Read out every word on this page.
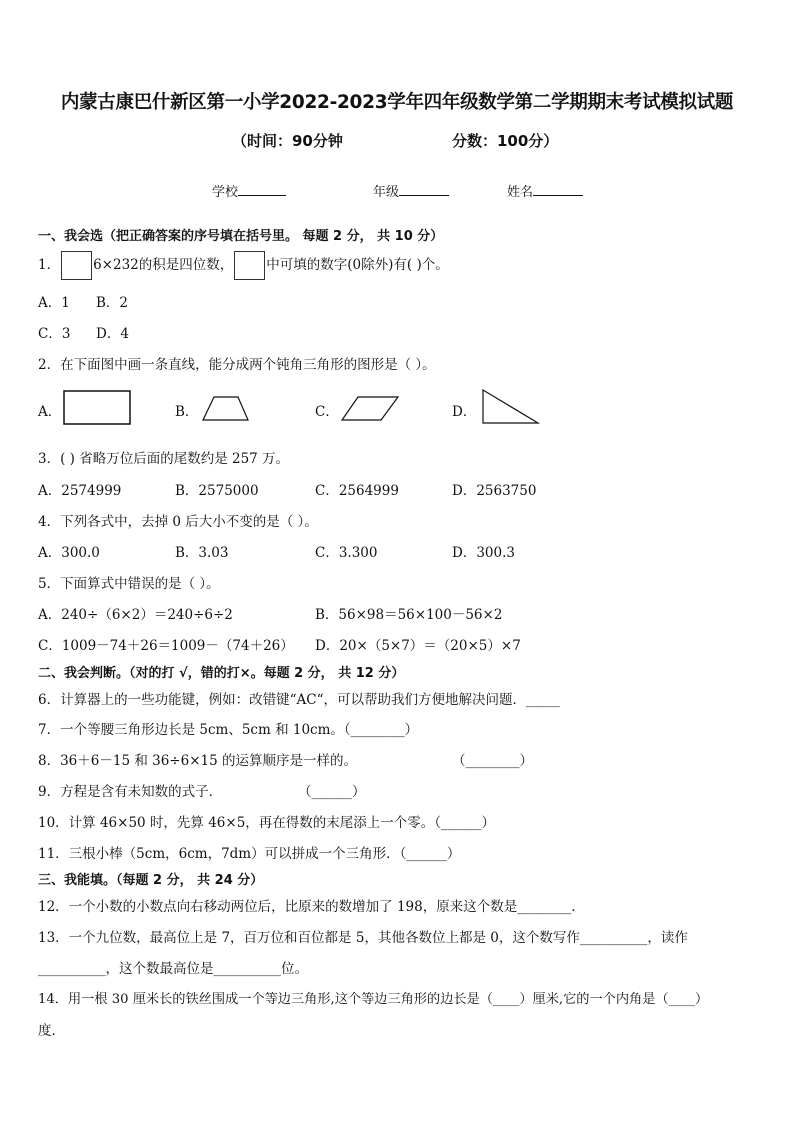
内蒙古康巴什新区第一小学2022-2023学年四年级数学第二学期期末考试模拟试题
（时间：90分钟	分数：100分）
学校	年级	姓名
一、我会选（把正确答案的序号填在括号里。 每题 2 分， 共 10 分）
1． 6×232的积是四位数， 中可填的数字(0除外)有( )个。
A．1 B．2
C．3 D．4
2．在下面图中画一条直线，能分成两个钝角三角形的图形是（ ）。
A．	B．	C．	D．
3．( ) 省略万位后面的尾数约是 257 万。
A．2574999	B．2575000	C．2564999	D．2563750
4．下列各式中，去掉 0 后大小不变的是（ ）。
A．300.0	B．3.03	C．3.300	D．300.3
5．下面算式中错误的是（ ）。
A．240÷（6×2）＝240÷6÷2	B．56×98＝56×100－56×2
C．1009－74＋26＝1009－（74＋26） D．20×（5×7）＝（20×5）×7
二、我会判断。（对的打 √，错的打×。每题 2 分， 共 12 分）
6．计算器上的一些功能键，例如：改错键“AC“，可以帮助我们方便地解决问题．_____
7．一个等腰三角形边长是 5cm、5cm 和 10cm。（________）
8．36＋6－15 和 36÷6×15 的运算顺序是一样的。	（________）
9．方程是含有未知数的式子．	（______）
10．计算 46×50 时，先算 46×5，再在得数的末尾添上一个零。（______）
11．三根小棒（5cm，6cm，7dm）可以拼成一个三角形．（______）
三、我能填。（每题 2 分， 共 24 分）
12．一个小数的小数点向右移动两位后，比原来的数增加了 198，原来这个数是________．
13．一个九位数，最高位上是 7，百万位和百位都是 5，其他各数位上都是 0，这个数写作__________，读作
__________，这个数最高位是__________位。
14．用一根 30 厘米长的铁丝围成一个等边三角形,这个等边三角形的边长是（____）厘米,它的一个内角是（____）
度．
